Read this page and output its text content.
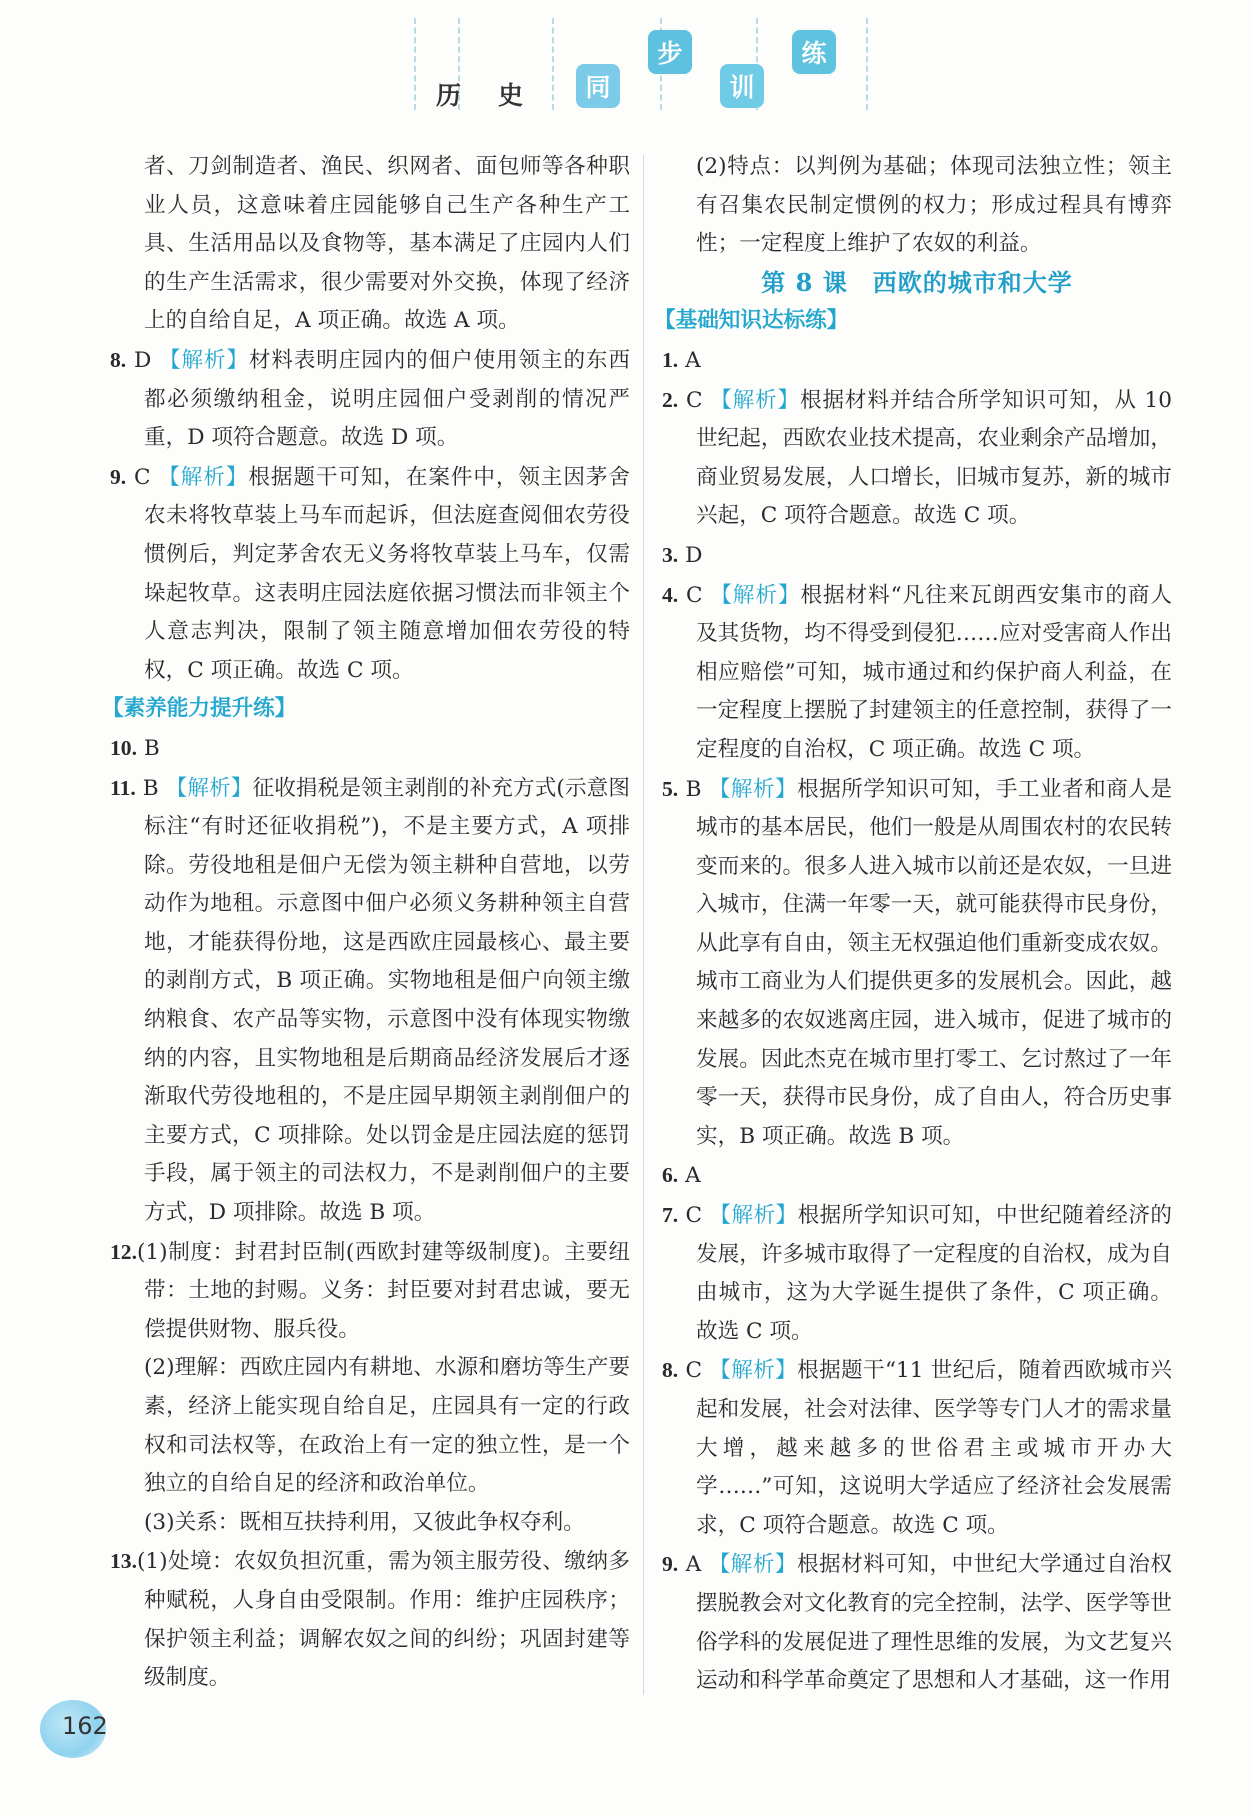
历 史	同
步
训
练

者、刀剑制造者、渔民、织网者、面包师等各种职业人员，这意味着庄园能够自己生产各种生产工具、生活用品以及食物等，基本满足了庄园内人们的生产生活需求，很少需要对外交换，体现了经济上的自给自足，A 项正确。故选 A 项。

8. D 【解析】材料表明庄园内的佃户使用领主的东西都必须缴纳租金，说明庄园佃户受剥削的情况严重，D 项符合题意。故选 D 项。

9. C 【解析】根据题干可知，在案件中，领主因茅舍农未将牧草装上马车而起诉，但法庭查阅佃农劳役惯例后，判定茅舍农无义务将牧草装上马车，仅需垛起牧草。这表明庄园法庭依据习惯法而非领主个人意志判决，限制了领主随意增加佃农劳役的特权，C 项正确。故选 C 项。

【素养能力提升练】

10. B

11. B 【解析】征收捐税是领主剥削的补充方式(示意图标注“有时还征收捐税”)，不是主要方式，A 项排除。劳役地租是佃户无偿为领主耕种自营地，以劳动作为地租。示意图中佃户必须义务耕种领主自营地，才能获得份地，这是西欧庄园最核心、最主要的剥削方式，B 项正确。实物地租是佃户向领主缴纳粮食、农产品等实物，示意图中没有体现实物缴纳的内容，且实物地租是后期商品经济发展后才逐渐取代劳役地租的，不是庄园早期领主剥削佃户的主要方式，C 项排除。处以罚金是庄园法庭的惩罚手段，属于领主的司法权力，不是剥削佃户的主要方式，D 项排除。故选 B 项。

12.(1)制度：封君封臣制(西欧封建等级制度)。主要纽带：土地的封赐。义务：封臣要对封君忠诚，要无偿提供财物、服兵役。

(2)理解：西欧庄园内有耕地、水源和磨坊等生产要素，经济上能实现自给自足，庄园具有一定的行政权和司法权等，在政治上有一定的独立性，是一个独立的自给自足的经济和政治单位。

(3)关系：既相互扶持利用，又彼此争权夺利。

13.(1)处境：农奴负担沉重，需为领主服劳役、缴纳多种赋税，人身自由受限制。作用：维护庄园秩序；保护领主利益；调解农奴之间的纠纷；巩固封建等级制度。

(2)特点：以判例为基础；体现司法独立性；领主有召集农民制定惯例的权力；形成过程具有博弈性；一定程度上维护了农奴的利益。

第 8 课　西欧的城市和大学

【基础知识达标练】

1. A

2. C 【解析】根据材料并结合所学知识可知，从 10 世纪起，西欧农业技术提高，农业剩余产品增加，商业贸易发展，人口增长，旧城市复苏，新的城市兴起，C 项符合题意。故选 C 项。

3. D

4. C 【解析】根据材料“凡往来瓦朗西安集市的商人及其货物，均不得受到侵犯……应对受害商人作出相应赔偿”可知，城市通过和约保护商人利益，在一定程度上摆脱了封建领主的任意控制，获得了一定程度的自治权，C 项正确。故选 C 项。

5. B 【解析】根据所学知识可知，手工业者和商人是城市的基本居民，他们一般是从周围农村的农民转变而来的。很多人进入城市以前还是农奴，一旦进入城市，住满一年零一天，就可能获得市民身份，从此享有自由，领主无权强迫他们重新变成农奴。城市工商业为人们提供更多的发展机会。因此，越来越多的农奴逃离庄园，进入城市，促进了城市的发展。因此杰克在城市里打零工、乞讨熬过了一年零一天，获得市民身份，成了自由人，符合历史事实，B 项正确。故选 B 项。

6. A

7. C 【解析】根据所学知识可知，中世纪随着经济的发展，许多城市取得了一定程度的自治权，成为自由城市，这为大学诞生提供了条件，C 项正确。故选 C 项。

8. C 【解析】根据题干“11 世纪后，随着西欧城市兴起和发展，社会对法律、医学等专门人才的需求量大增，越来越多的世俗君主或城市开办大学……”可知，这说明大学适应了经济社会发展需求，C 项符合题意。故选 C 项。

9. A 【解析】根据材料可知，中世纪大学通过自治权摆脱教会对文化教育的完全控制，法学、医学等世俗学科的发展促进了理性思维的发展，为文艺复兴运动和科学革命奠定了思想和人才基础，这一作用

162
